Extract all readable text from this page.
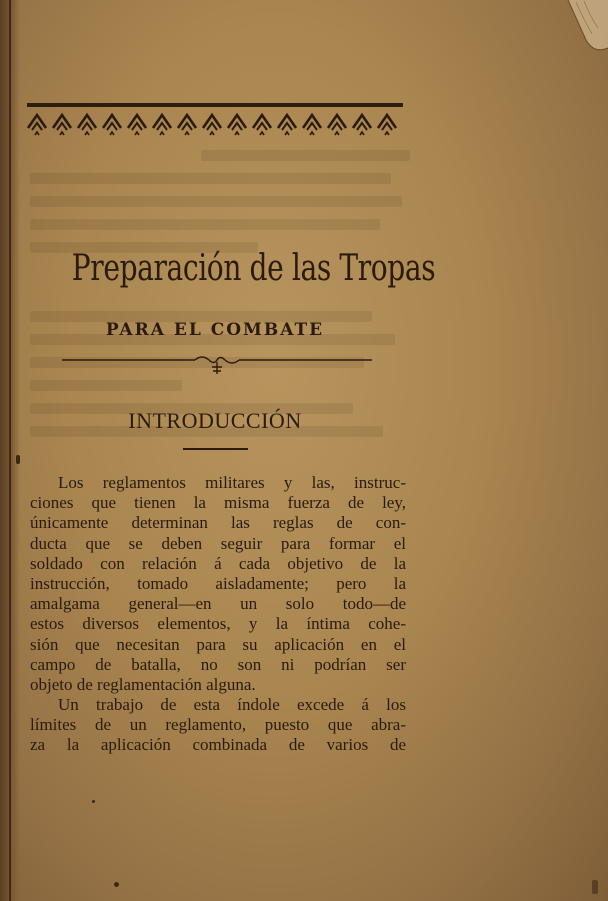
Preparación de las Tropas
PARA EL COMBATE
INTRODUCCIÓN
Los reglamentos militares y las, instruc-
ciones que tienen la misma fuerza de ley,
únicamente determinan las reglas de con-
ducta que se deben seguir para formar el
soldado con relación á cada objetivo de la
instrucción, tomado aisladamente; pero la
amalgama general—en un solo todo—de
estos diversos elementos, y la íntima cohe-
sión que necesitan para su aplicación en el
campo de batalla, no son ni podrían ser
objeto de reglamentación alguna.
Un trabajo de esta índole excede á los
límites de un reglamento, puesto que abra-
za la aplicación combinada de varios de
